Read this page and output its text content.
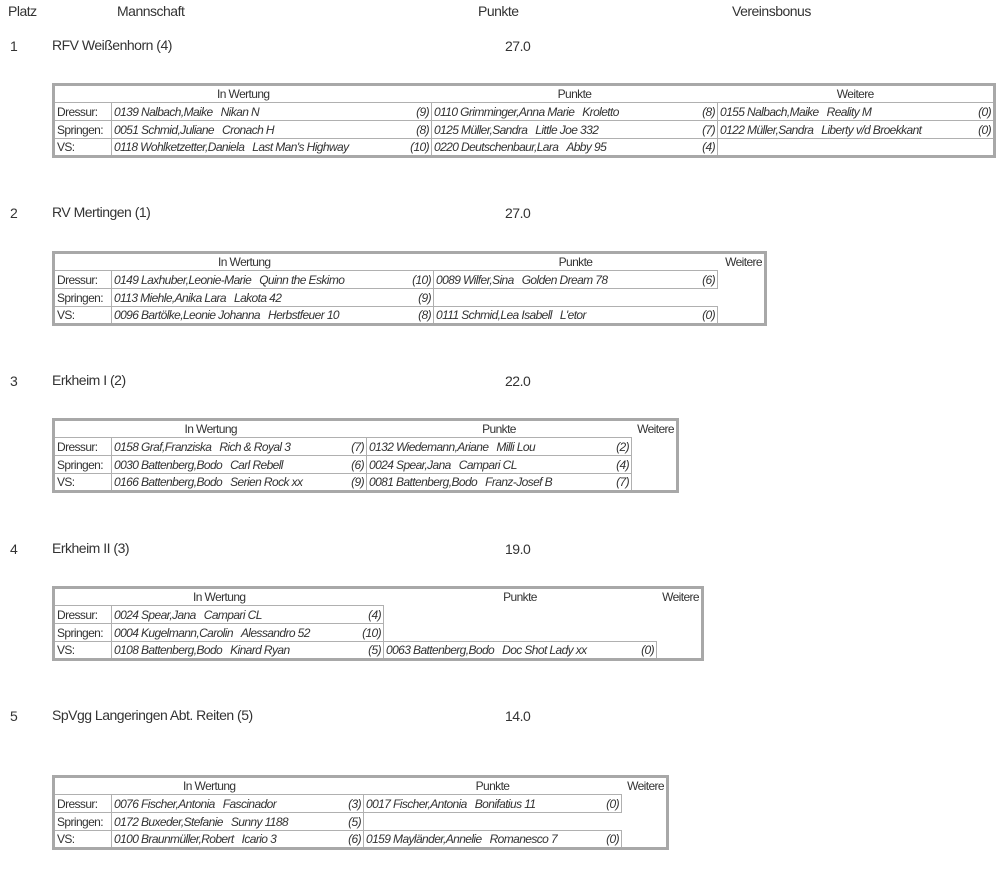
Platz	Mannschaft	Punkte	Vereinsbonus
1 RFV Weißenhorn (4)	27.0
In Wertung		Punkte	Weitere
Dressur:	0139 Nalbach,Maike Nikan N (9)	0110 Grimminger,Anna Marie Kroletto (8)	0155 Nalbach,Maike Reality M (0)

Springen:	0051 Schmid,Juliane Cronach H (8)	0125 Müller,Sandra Little Joe 332 (7)	0122 Müller,Sandra Liberty v/d Broekkant (0)

VS:	0118 Wohlketzetter,Daniela Last Man's Highway (10)	0220 Deutschenbaur,Lara Abby 95 (4)	

2 RV Mertingen (1)	27.0
In Wertung		Punkte	Weitere
Dressur:	0149 Laxhuber,Leonie-Marie Quinn the Eskimo (10)	0089 Wilfer,Sina Golden Dream 78 (6)	

Springen:	0113 Miehle,Anika Lara Lakota 42 (9)		

VS:	0096 Bartölke,Leonie Johanna Herbstfeuer 10 (8)	0111 Schmid,Lea Isabell L'etor (0)	

3 Erkheim I (2)	22.0
In Wertung		Punkte	Weitere
Dressur:	0158 Graf,Franziska Rich & Royal 3 (7)	0132 Wiedemann,Ariane Milli Lou (2)	

Springen:	0030 Battenberg,Bodo Carl Rebell (6)	0024 Spear,Jana Campari CL (4)	

VS:	0166 Battenberg,Bodo Serien Rock xx (9)	0081 Battenberg,Bodo Franz-Josef B (7)	

4 Erkheim II (3)	19.0
In Wertung		Punkte	Weitere
Dressur:	0024 Spear,Jana Campari CL (4)		

Springen:	0004 Kugelmann,Carolin Alessandro 52 (10)		

VS:	0108 Battenberg,Bodo Kinard Ryan (5)	0063 Battenberg,Bodo Doc Shot Lady xx (0)	

5 SpVgg Langeringen Abt. Reiten (5)	14.0
In Wertung		Punkte	Weitere
Dressur:	0076 Fischer,Antonia Fascinador (3)	0017 Fischer,Antonia Bonifatius 11 (0)	

Springen:	0172 Buxeder,Stefanie Sunny 1188 (5)		

VS:	0100 Braunmüller,Robert Icario 3 (6)	0159 Mayländer,Annelie Romanesco 7 (0)	
